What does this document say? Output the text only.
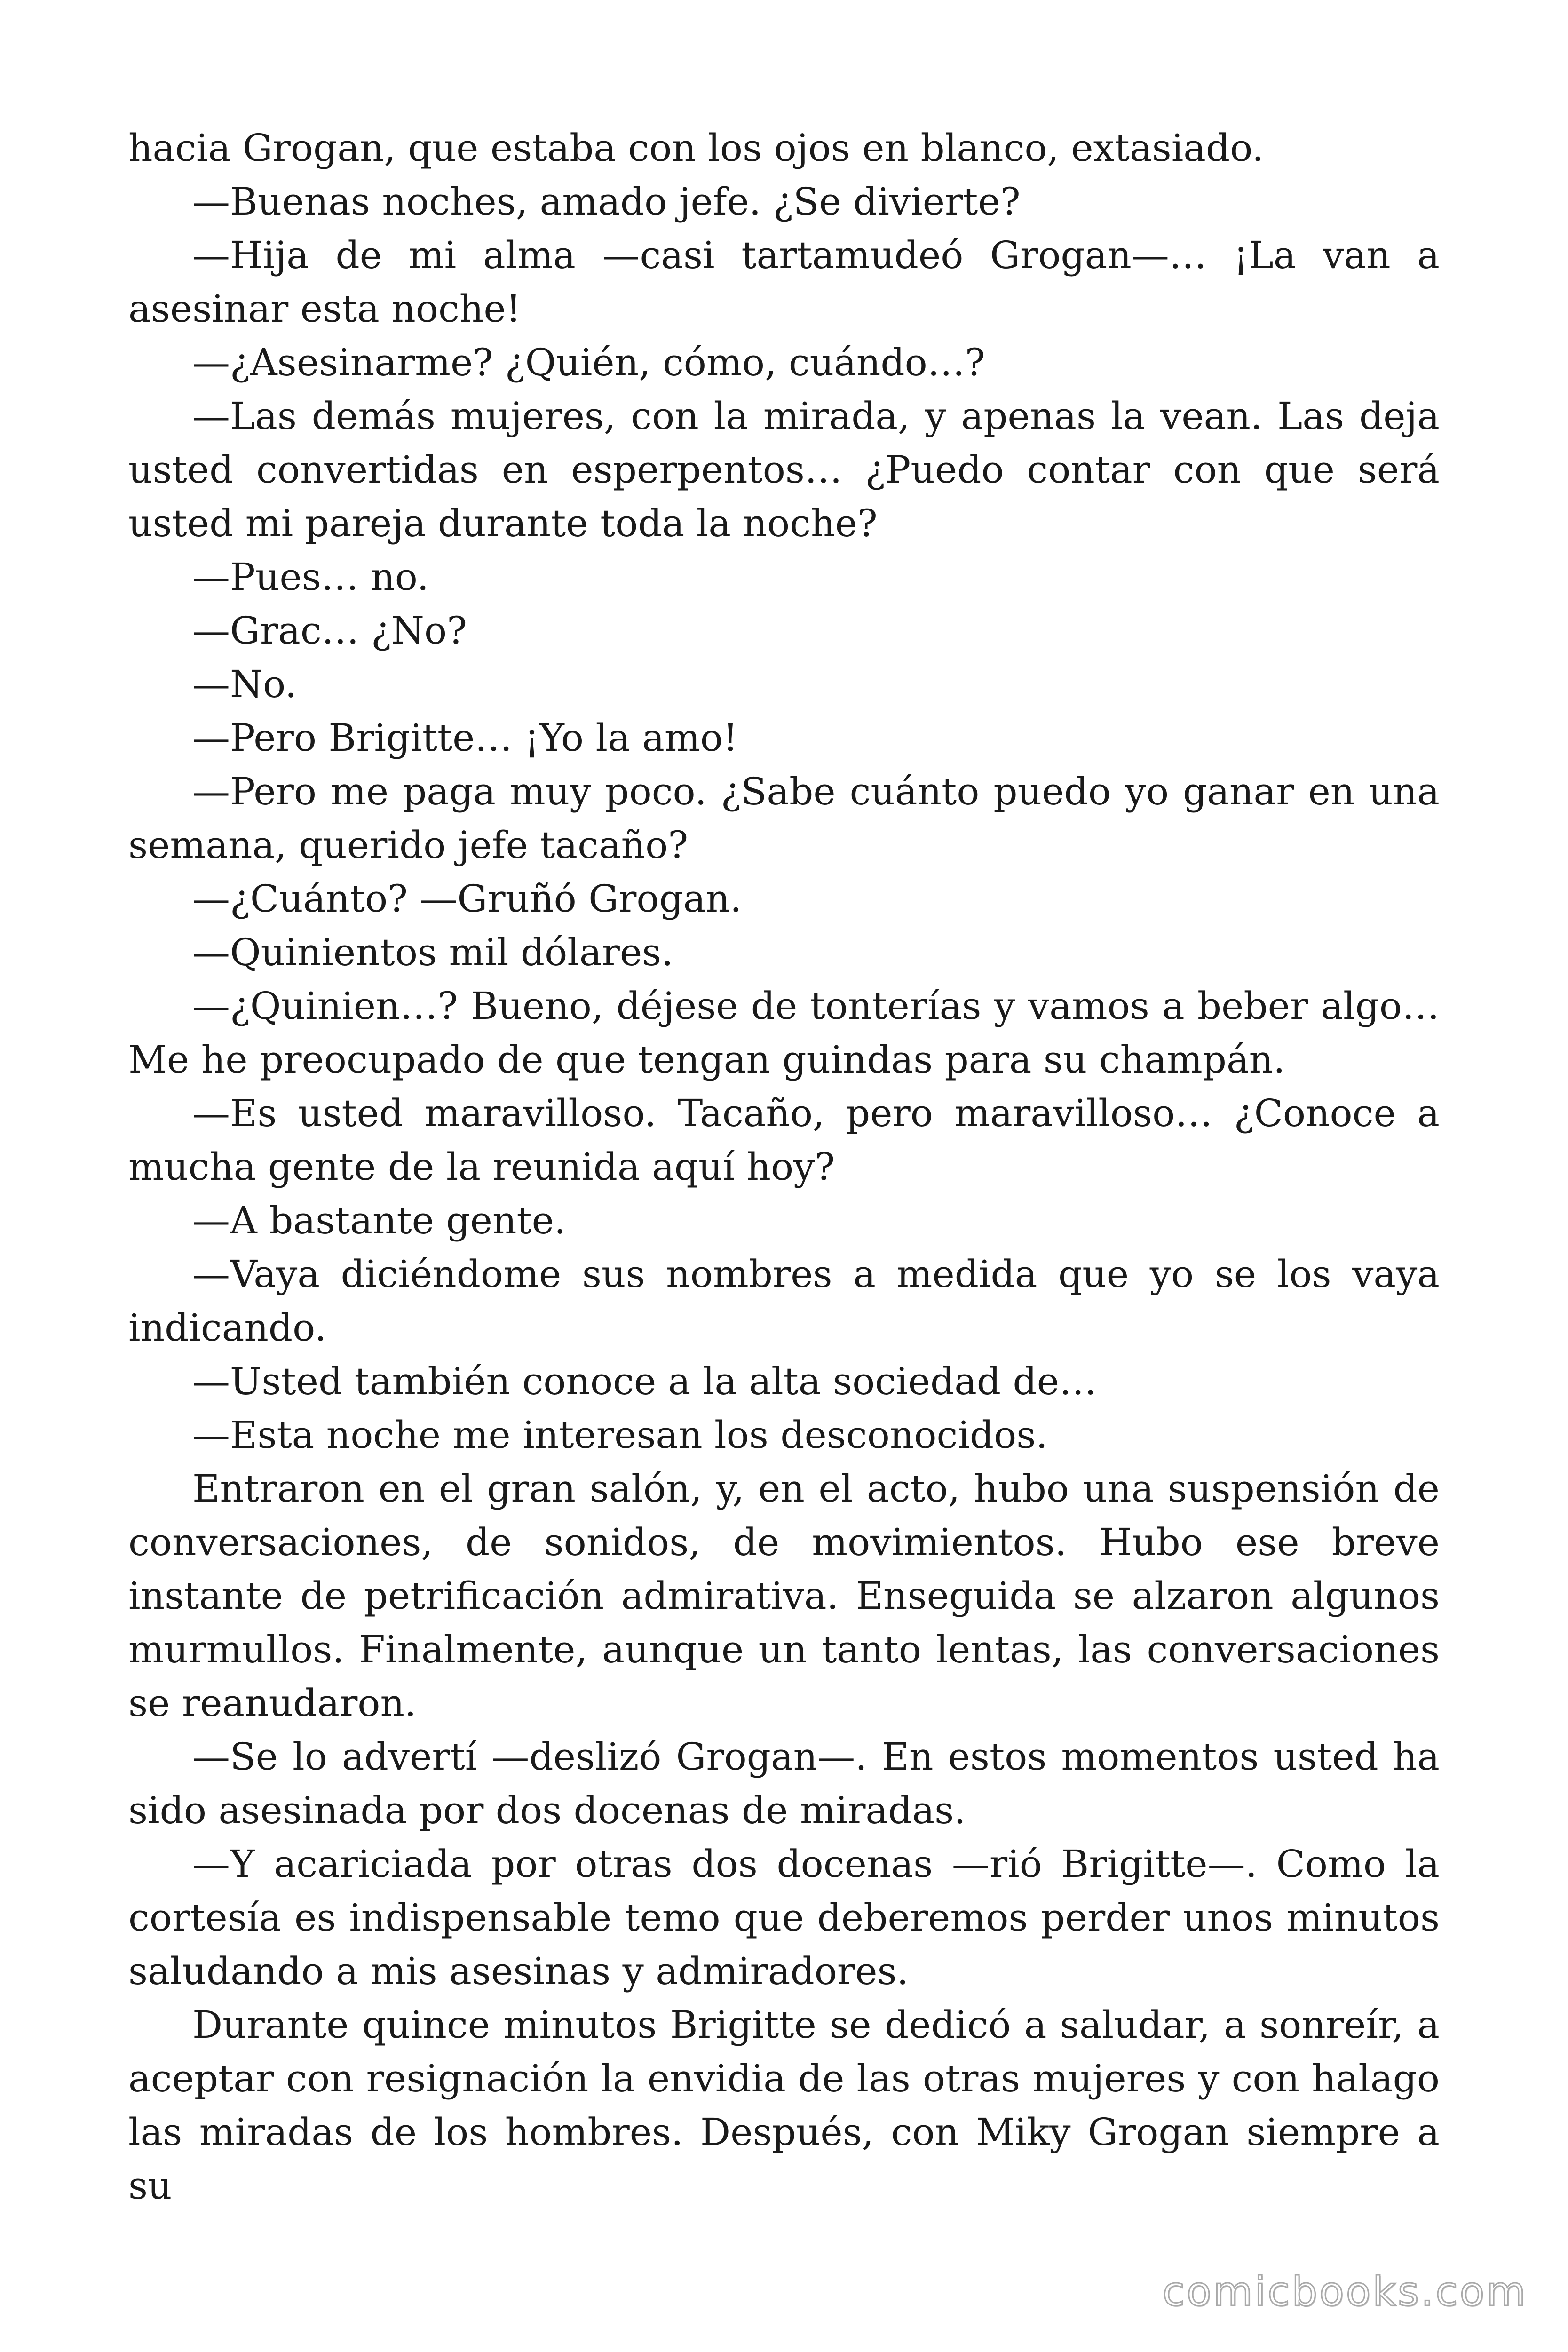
hacia Grogan, que estaba con los ojos en blanco, extasiado.

—Buenas noches, amado jefe. ¿Se divierte?

—Hija de mi alma —casi tartamudeó Grogan—… ¡La van a asesinar esta noche!

—¿Asesinarme? ¿Quién, cómo, cuándo…?

—Las demás mujeres, con la mirada, y apenas la vean. Las deja usted convertidas en esperpentos… ¿Puedo contar con que será usted mi pareja durante toda la noche?

—Pues… no.

—Grac… ¿No?

—No.

—Pero Brigitte… ¡Yo la amo!

—Pero me paga muy poco. ¿Sabe cuánto puedo yo ganar en una semana, querido jefe tacaño?

—¿Cuánto? —Gruñó Grogan.

—Quinientos mil dólares.

—¿Quinien…? Bueno, déjese de tonterías y vamos a beber algo… Me he preocupado de que tengan guindas para su champán.

—Es usted maravilloso. Tacaño, pero maravilloso… ¿Conoce a mucha gente de la reunida aquí hoy?

—A bastante gente.

—Vaya diciéndome sus nombres a medida que yo se los vaya indicando.

—Usted también conoce a la alta sociedad de…

—Esta noche me interesan los desconocidos.

Entraron en el gran salón, y, en el acto, hubo una suspensión de conversaciones, de sonidos, de movimientos. Hubo ese breve instante de petrificación admirativa. Enseguida se alzaron algunos murmullos. Finalmente, aunque un tanto lentas, las conversaciones se reanudaron.

—Se lo advertí —deslizó Grogan—. En estos momentos usted ha sido asesinada por dos docenas de miradas.

—Y acariciada por otras dos docenas —rió Brigitte—. Como la cortesía es indispensable temo que deberemos perder unos minutos saludando a mis asesinas y admiradores.

Durante quince minutos Brigitte se dedicó a saludar, a sonreír, a aceptar con resignación la envidia de las otras mujeres y con halago las miradas de los hombres. Después, con Miky Grogan siempre a su

comicbooks.com
